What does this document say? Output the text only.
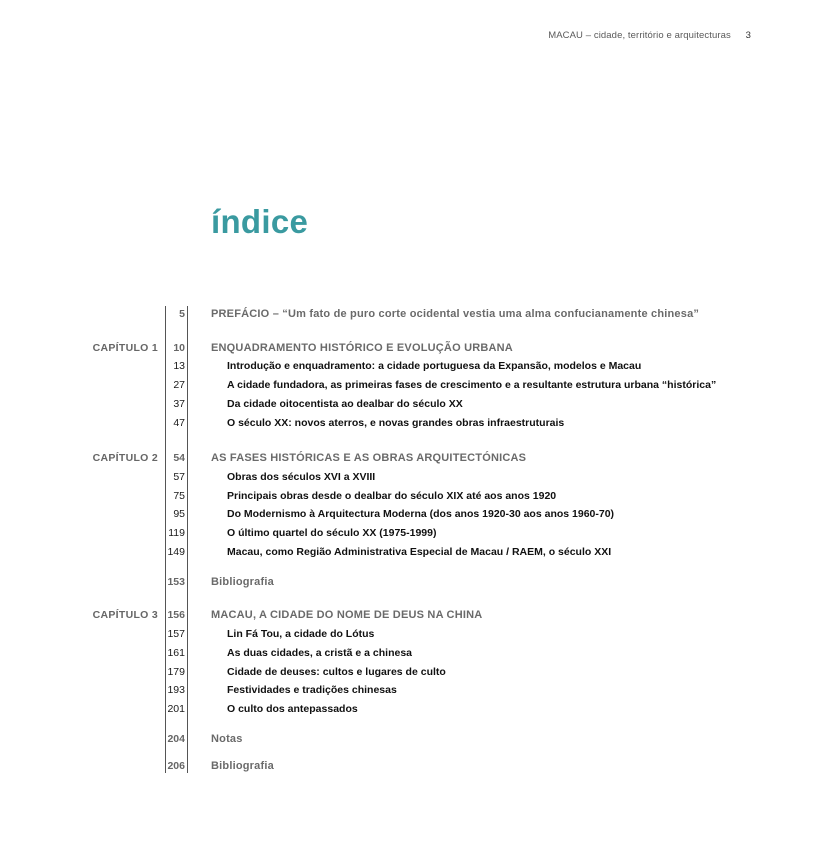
MACAU – cidade, território e arquitecturas 3
índice
5 PREFÁCIO – “Um fato de puro corte ocidental vestia uma alma confucianamente chinesa”
CAPÍTULO 1	10 ENQUADRAMENTO HISTÓRICO E EVOLUÇÃO URBANA
13	Introdução e enquadramento: a cidade portuguesa da Expansão, modelos e Macau
27	A cidade fundadora, as primeiras fases de crescimento e a resultante estrutura urbana “histórica”
37	Da cidade oitocentista ao dealbar do século XX
47	O século XX: novos aterros, e novas grandes obras infraestruturais
CAPÍTULO 2	54 AS FASES HISTÓRICAS E AS OBRAS ARQUITECTÓNICAS
57	Obras dos séculos XVI a XVIII
75	Principais obras desde o dealbar do século XIX até aos anos 1920
95	Do Modernismo à Arquitectura Moderna (dos anos 1920-30 aos anos 1960-70)
119	O último quartel do século XX (1975-1999)
149	Macau, como Região Administrativa Especial de Macau / RAEM, o século XXI
153 Bibliografia
CAPÍTULO 3 156 MACAU, A CIDADE DO NOME DE DEUS NA CHINA
157	Lin Fá Tou, a cidade do Lótus
161	As duas cidades, a cristã e a chinesa
179	Cidade de deuses: cultos e lugares de culto
193	Festividades e tradições chinesas
201	O culto dos antepassados
204 Notas
206 Bibliografia
